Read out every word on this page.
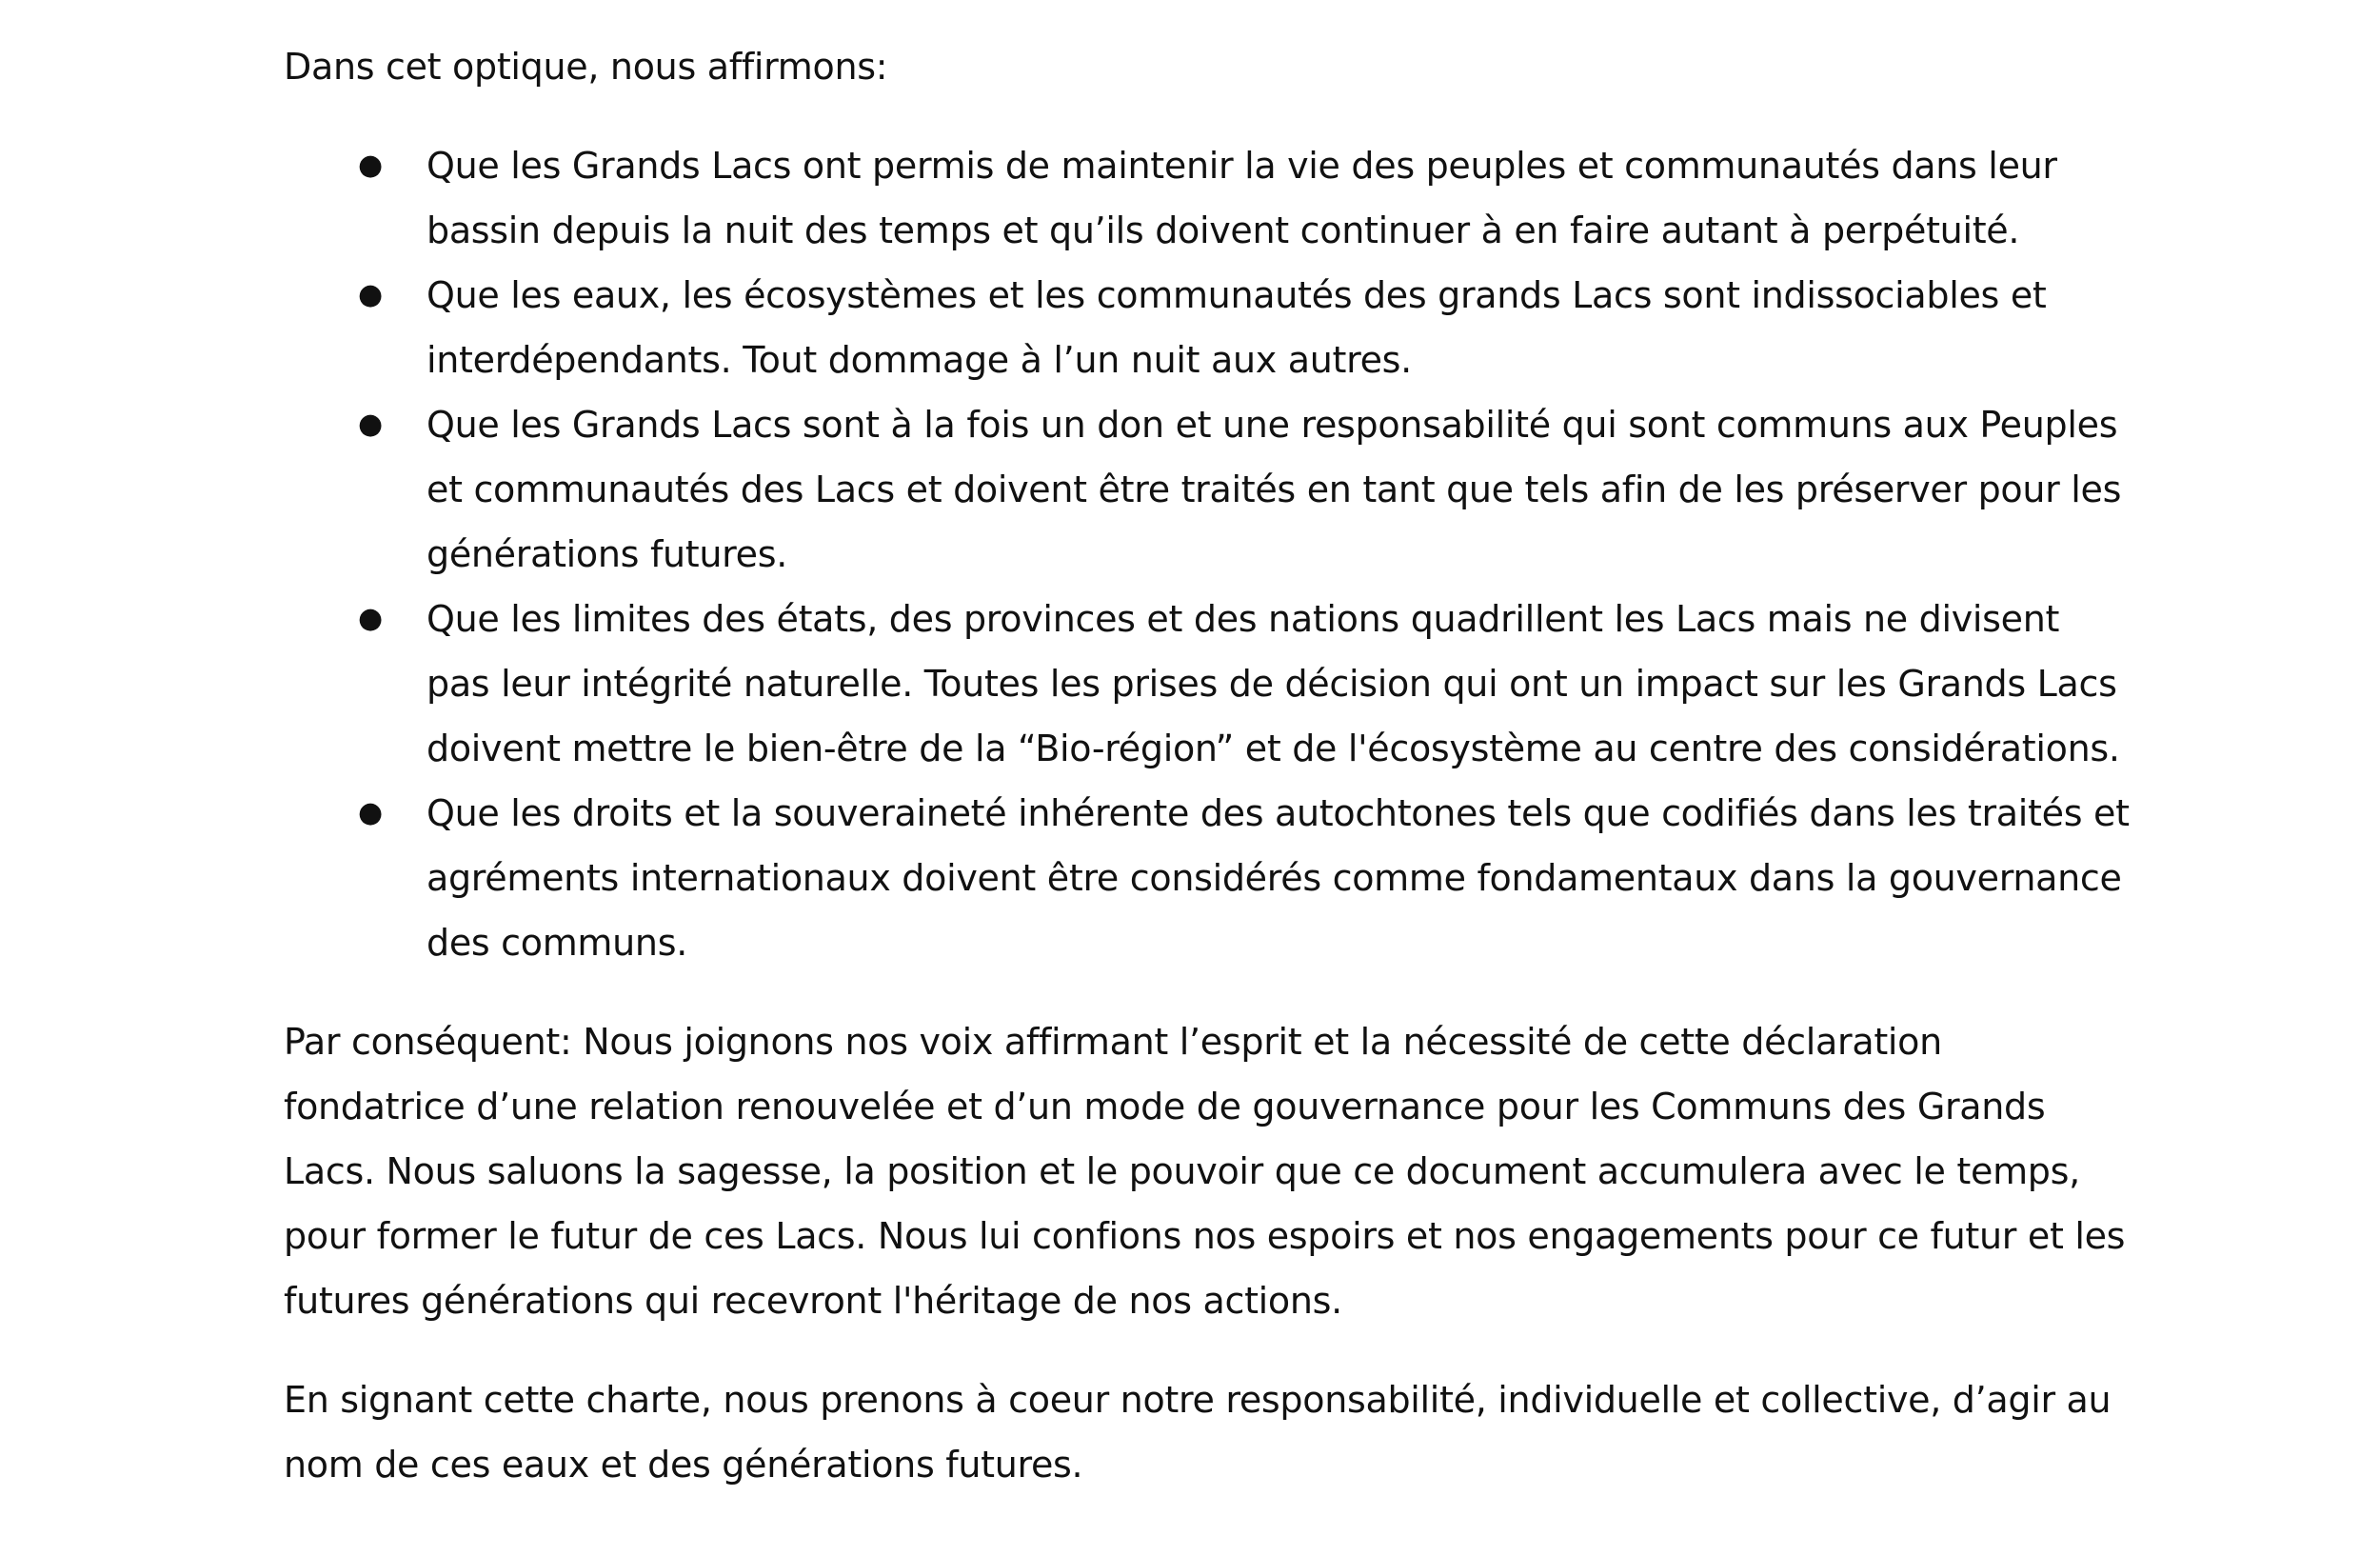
Dans cet optique, nous affirmons:

● Que les Grands Lacs ont permis de maintenir la vie des peuples et communautés dans leur bassin depuis la nuit des temps et qu’ils doivent continuer à en faire autant à perpétuité.
● Que les eaux, les écosystèmes et les communautés des grands Lacs sont indissociables et interdépendants. Tout dommage à l’un nuit aux autres.
● Que les Grands Lacs sont à la fois un don et une responsabilité qui sont communs aux Peuples et communautés des Lacs et doivent être traités en tant que tels afin de les préserver pour les générations futures.
● Que les limites des états, des provinces et des nations quadrillent les Lacs mais ne divisent pas leur intégrité naturelle. Toutes les prises de décision qui ont un impact sur les Grands Lacs doivent mettre le bien-être de la “Bio-région” et de l'écosystème au centre des considérations.
● Que les droits et la souveraineté inhérente des autochtones tels que codifiés dans les traités et agréments internationaux doivent être considérés comme fondamentaux dans la gouvernance des communs.

Par conséquent: Nous joignons nos voix affirmant l’esprit et la nécessité de cette déclaration fondatrice d’une relation renouvelée et d’un mode de gouvernance pour les Communs des Grands Lacs. Nous saluons la sagesse, la position et le pouvoir que ce document accumulera avec le temps, pour former le futur de ces Lacs. Nous lui confions nos espoirs et nos engagements pour ce futur et les futures générations qui recevront l'héritage de nos actions.

En signant cette charte, nous prenons à coeur notre responsabilité, individuelle et collective, d’agir au nom de ces eaux et des générations futures.
